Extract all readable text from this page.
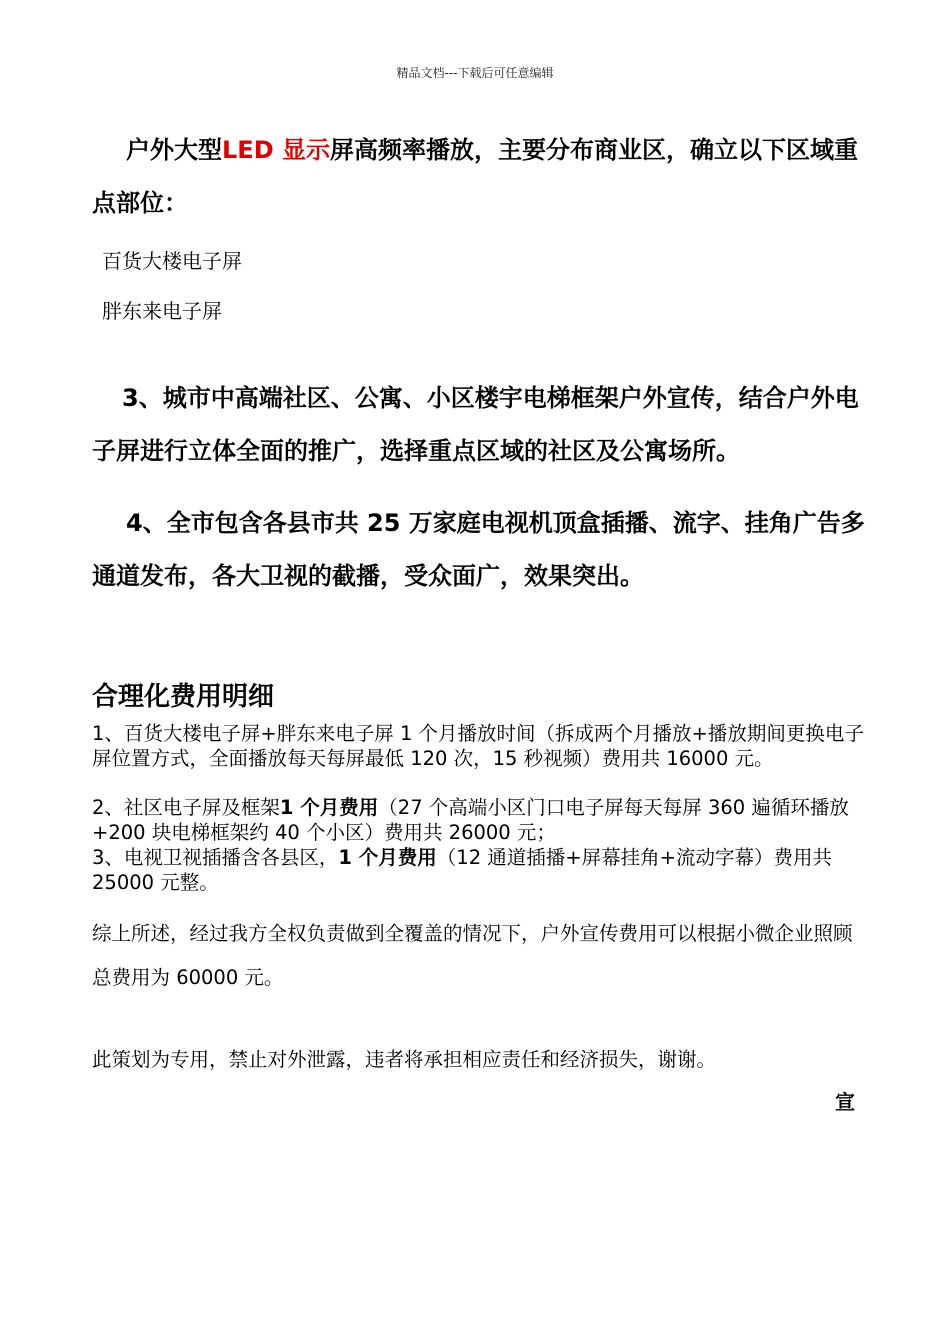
精品文档---下载后可任意编辑
户外大型LED 显示屏高频率播放，主要分布商业区，确立以下区域重点部位：
百货大楼电子屏
胖东来电子屏
3、城市中高端社区、公寓、小区楼宇电梯框架户外宣传，结合户外电子屏进行立体全面的推广，选择重点区域的社区及公寓场所。
4、全市包含各县市共 25 万家庭电视机顶盒插播、流字、挂角广告多通道发布，各大卫视的截播，受众面广，效果突出。
合理化费用明细
1、百货大楼电子屏+胖东来电子屏 1 个月播放时间（拆成两个月播放+播放期间更换电子屏位置方式，全面播放每天每屏最低 120 次，15 秒视频）费用共 16000 元。
2、社区电子屏及框架1 个月费用（27 个高端小区门口电子屏每天每屏 360 遍循环播放+200 块电梯框架约 40 个小区）费用共 26000 元；
3、电视卫视插播含各县区，1 个月费用（12 通道插播+屏幕挂角+流动字幕）费用共 25000 元整。
综上所述，经过我方全权负责做到全覆盖的情况下，户外宣传费用可以根据小微企业照顾总费用为 60000 元。
此策划为专用，禁止对外泄露，违者将承担相应责任和经济损失，谢谢。
宣
